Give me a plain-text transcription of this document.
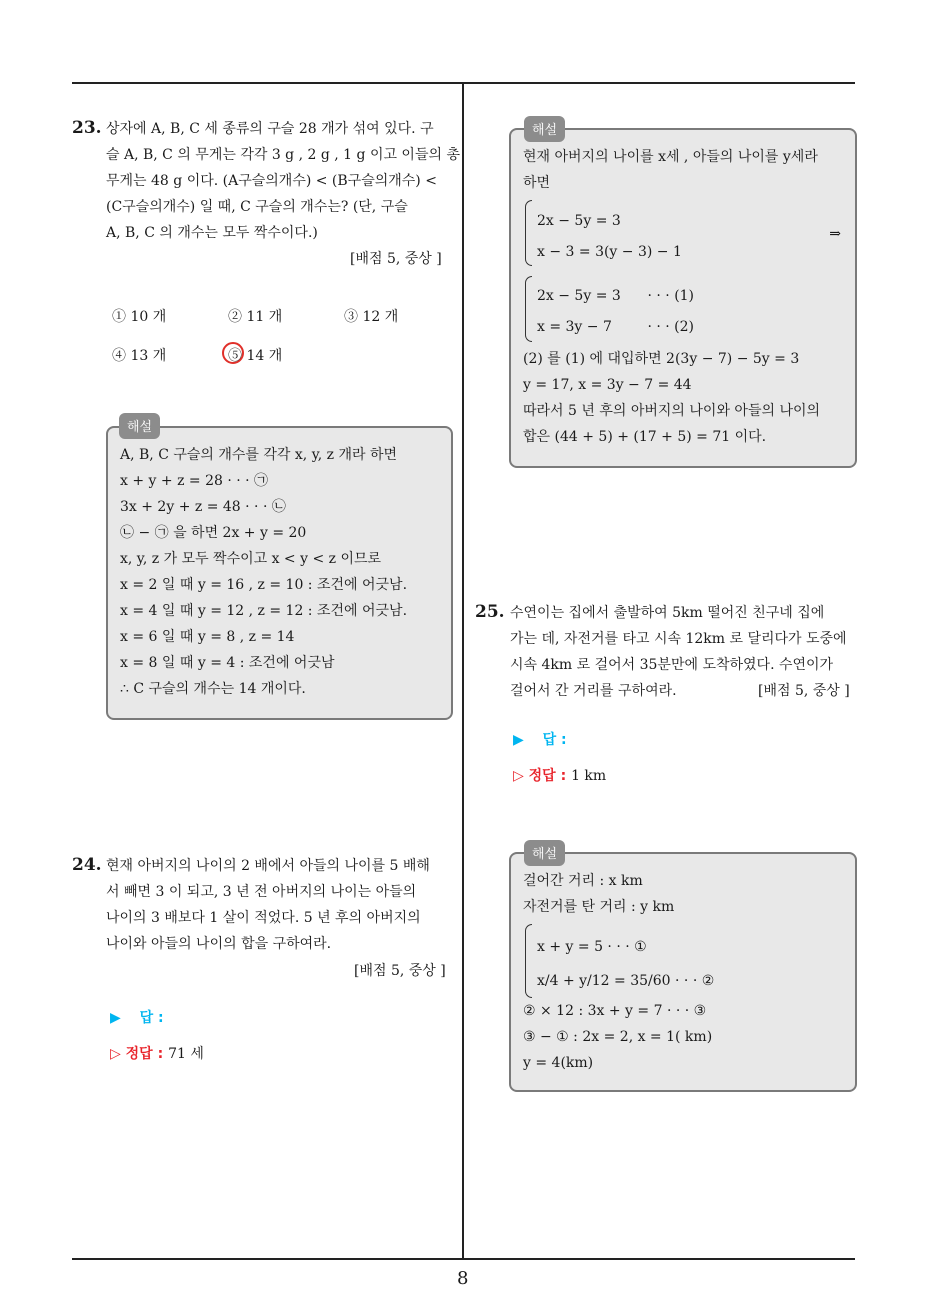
23. 상자에 A, B, C 세 종류의 구슬 28 개가 섞여 있다. 구
슬 A, B, C 의 무게는 각각 3 g , 2 g , 1 g 이고 이들의 총
무게는 48 g 이다. (A구슬의개수) < (B구슬의개수) <
(C구슬의개수) 일 때, C 구슬의 개수는? (단, 구슬
A, B, C 의 개수는 모두 짝수이다.)
[배점 5, 중상 ]
① 10 개	② 11 개	③ 12 개
④ 13 개	⑤ 14 개
A, B, C 구슬의 개수를 각각 x, y, z 개라 하면
x + y + z = 28 · · · ㉠
3x + 2y + z = 48 · · · ㉡
㉡ − ㉠ 을 하면 2x + y = 20
x, y, z 가 모두 짝수이고 x < y < z 이므로
x = 2 일 때 y = 16 , z = 10 : 조건에 어긋남.
x = 4 일 때 y = 12 , z = 12 : 조건에 어긋남.
x = 6 일 때 y = 8 , z = 14
x = 8 일 때 y = 4 : 조건에 어긋남
∴ C 구슬의 개수는 14 개이다.
해설
24. 현재 아버지의 나이의 2 배에서 아들의 나이를 5 배해
서 빼면 3 이 되고, 3 년 전 아버지의 나이는 아들의
나이의 3 배보다 1 살이 적었다. 5 년 후의 아버지의
나이와 아들의 나이의 합을 구하여라.
[배점 5, 중상 ]
▶ 답 :
▷ 정답 : 71 세
현재 아버지의 나이를 x세 , 아들의 나이를 y세라
하면
2x − 5y = 3
x − 3 = 3(y − 3) − 1
⇒
2x − 5y = 3      · · · (1)
x = 3y − 7        · · · (2)
(2) 를 (1) 에 대입하면 2(3y − 7) − 5y = 3
y = 17, x = 3y − 7 = 44
따라서 5 년 후의 아버지의 나이와 아들의 나이의
합은 (44 + 5) + (17 + 5) = 71 이다.
해설
25. 수연이는 집에서 출발하여 5km 떨어진 친구네 집에
가는 데, 자전거를 타고 시속 12km 로 달리다가 도중에
시속 4km 로 걸어서 35분만에 도착하였다. 수연이가
걸어서 간 거리를 구하여라.	[배점 5, 중상 ]
▶ 답 :
▷ 정답 : 1 km
걸어간 거리 : x km
자전거를 탄 거리 : y km
x + y = 5 · · · ①
x/4 + y/12 = 35/60 · · · ②
② × 12 : 3x + y = 7 · · · ③
③ − ① : 2x = 2, x = 1( km)
y = 4(km)
해설
8
